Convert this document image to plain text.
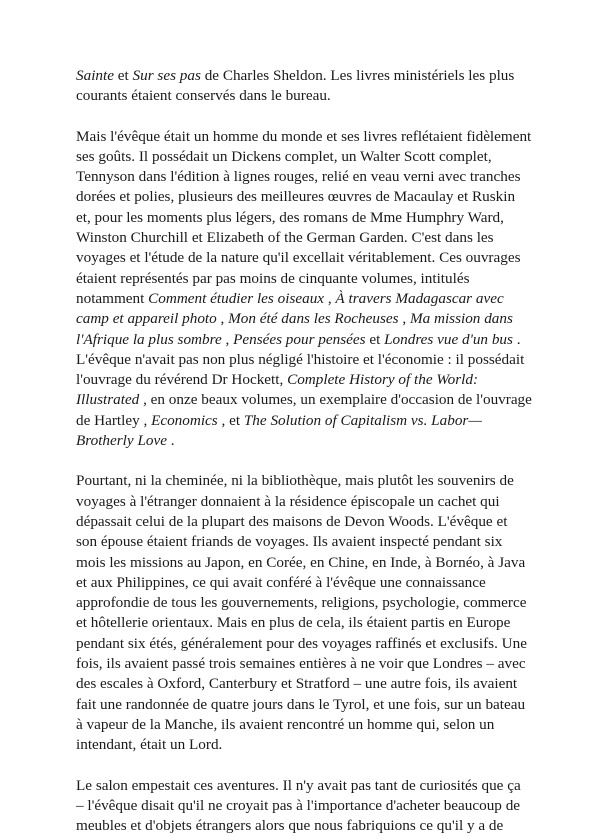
Sainte et Sur ses pas de Charles Sheldon. Les livres ministériels les plus courants étaient conservés dans le bureau.

Mais l'évêque était un homme du monde et ses livres reflétaient fidèlement ses goûts. Il possédait un Dickens complet, un Walter Scott complet, Tennyson dans l'édition à lignes rouges, relié en veau verni avec tranches dorées et polies, plusieurs des meilleures œuvres de Macaulay et Ruskin et, pour les moments plus légers, des romans de Mme Humphry Ward, Winston Churchill et Elizabeth of the German Garden. C'est dans les voyages et l'étude de la nature qu'il excellait véritablement. Ces ouvrages étaient représentés par pas moins de cinquante volumes, intitulés notamment Comment étudier les oiseaux , À travers Madagascar avec camp et appareil photo , Mon été dans les Rocheuses , Ma mission dans l'Afrique la plus sombre , Pensées pour pensées et Londres vue d'un bus . L'évêque n'avait pas non plus négligé l'histoire et l'économie : il possédait l'ouvrage du révérend Dr Hockett, Complete History of the World: Illustrated , en onze beaux volumes, un exemplaire d'occasion de l'ouvrage de Hartley , Economics , et The Solution of Capitalism vs. Labor—Brotherly Love .

Pourtant, ni la cheminée, ni la bibliothèque, mais plutôt les souvenirs de voyages à l'étranger donnaient à la résidence épiscopale un cachet qui dépassait celui de la plupart des maisons de Devon Woods. L'évêque et son épouse étaient friands de voyages. Ils avaient inspecté pendant six mois les missions au Japon, en Corée, en Chine, en Inde, à Bornéo, à Java et aux Philippines, ce qui avait conféré à l'évêque une connaissance approfondie de tous les gouvernements, religions, psychologie, commerce et hôtellerie orientaux. Mais en plus de cela, ils étaient partis en Europe pendant six étés, généralement pour des voyages raffinés et exclusifs. Une fois, ils avaient passé trois semaines entières à ne voir que Londres – avec des escales à Oxford, Canterbury et Stratford – une autre fois, ils avaient fait une randonnée de quatre jours dans le Tyrol, et une fois, sur un bateau à vapeur de la Manche, ils avaient rencontré un homme qui, selon un intendant, était un Lord.

Le salon empestait ces aventures. Il n'y avait pas tant de curiosités que ça – l'évêque disait qu'il ne croyait pas à l'importance d'acheter beaucoup de meubles et d'objets étrangers alors que nous fabriquions ce qu'il y a de
